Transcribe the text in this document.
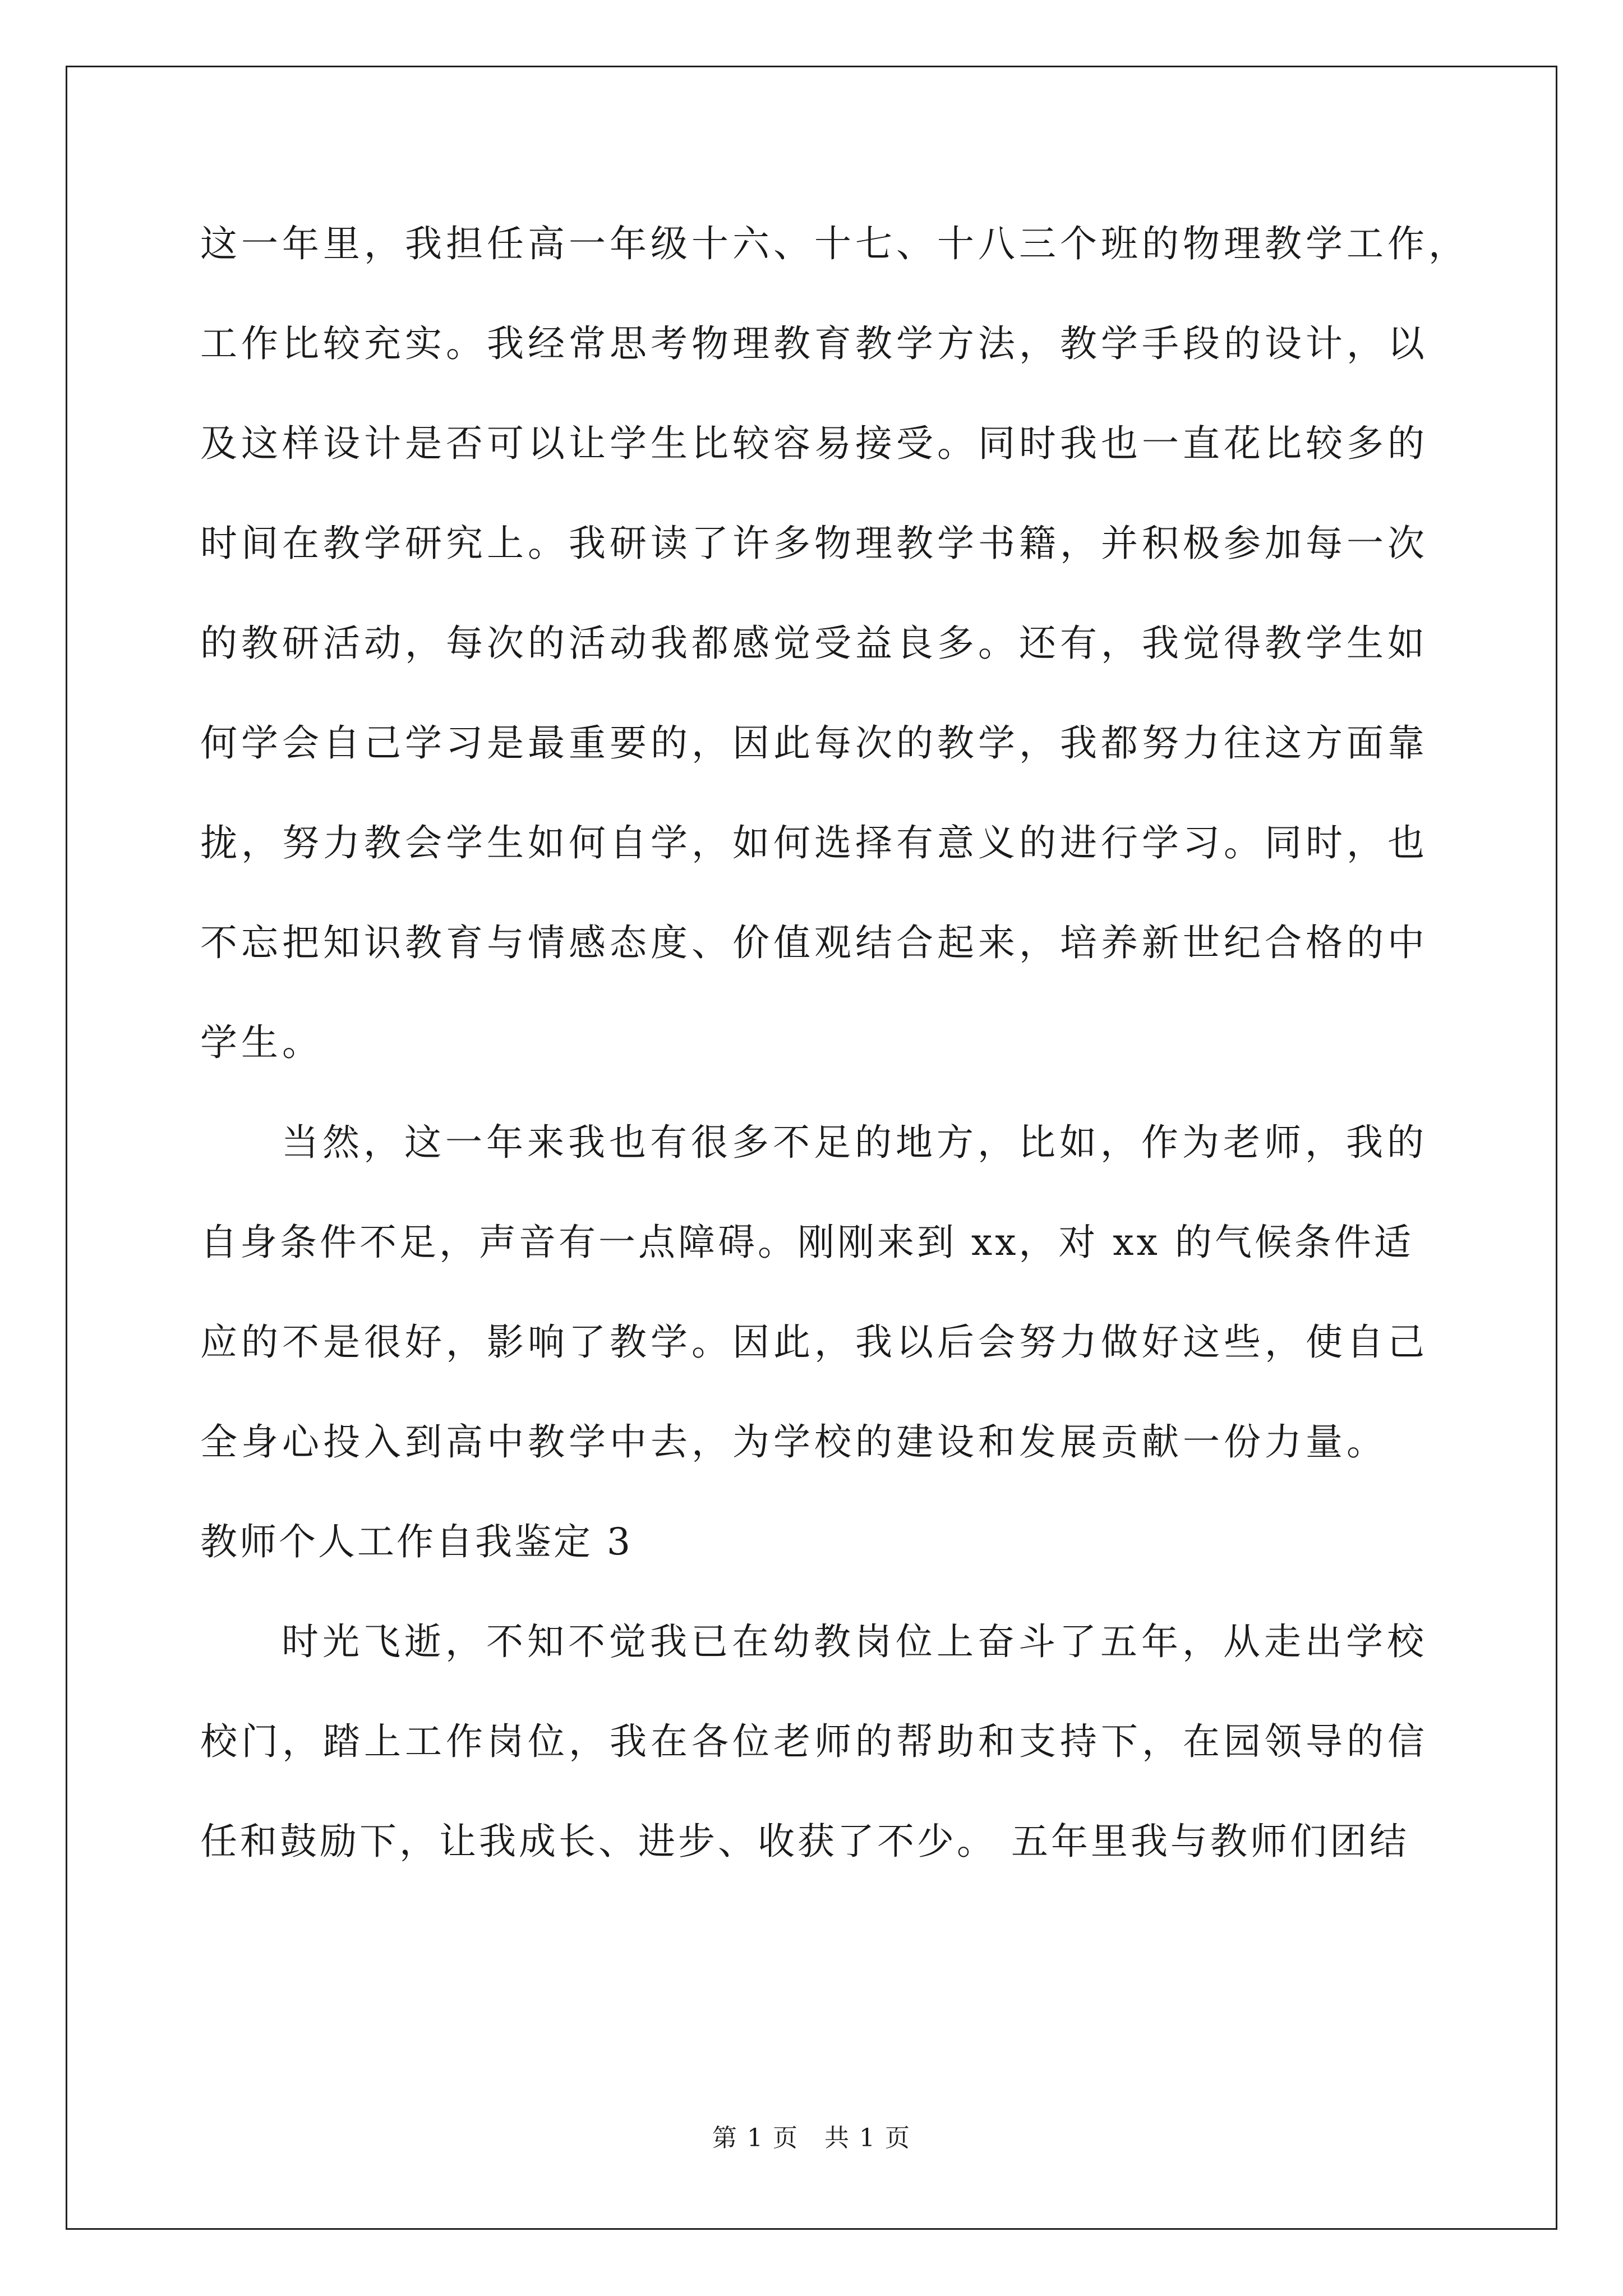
这一年里，我担任高一年级十六、十七、十八三个班的物理教学工作，
工作比较充实。我经常思考物理教育教学方法，教学手段的设计，以
及这样设计是否可以让学生比较容易接受。同时我也一直花比较多的
时间在教学研究上。我研读了许多物理教学书籍，并积极参加每一次
的教研活动，每次的活动我都感觉受益良多。还有，我觉得教学生如
何学会自己学习是最重要的，因此每次的教学，我都努力往这方面靠
拢，努力教会学生如何自学，如何选择有意义的进行学习。同时，也
不忘把知识教育与情感态度、价值观结合起来，培养新世纪合格的中
学生。
当然，这一年来我也有很多不足的地方，比如，作为老师，我的
自身条件不足，声音有一点障碍。刚刚来到 xx，对 xx 的气候条件适
应的不是很好，影响了教学。因此，我以后会努力做好这些，使自己
全身心投入到高中教学中去，为学校的建设和发展贡献一份力量。
教师个人工作自我鉴定 3
时光飞逝，不知不觉我已在幼教岗位上奋斗了五年，从走出学校
校门，踏上工作岗位，我在各位老师的帮助和支持下，在园领导的信
任和鼓励下，让我成长、进步、收获了不少。 五年里我与教师们团结
第 1 页　共 1 页
